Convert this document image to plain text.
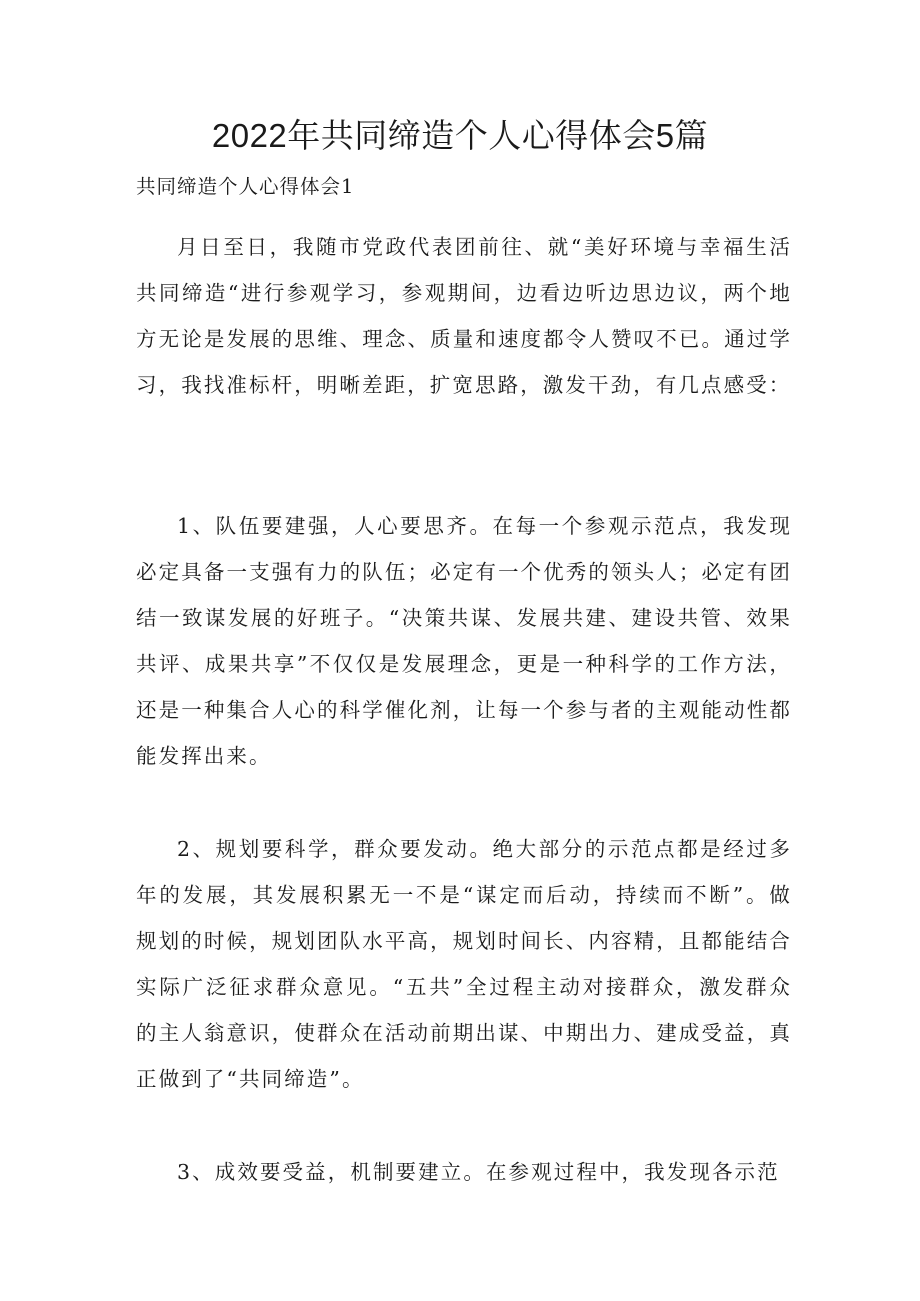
2022年共同缔造个人心得体会5篇
共同缔造个人心得体会1

月日至日，我随市党政代表团前往、就“美好环境与幸福生活共同缔造“进行参观学习，参观期间，边看边听边思边议，两个地方无论是发展的思维、理念、质量和速度都令人赞叹不已。通过学习，我找准标杆，明晰差距，扩宽思路，激发干劲，有几点感受：

1、队伍要建强，人心要思齐。在每一个参观示范点，我发现必定具备一支强有力的队伍；必定有一个优秀的领头人；必定有团结一致谋发展的好班子。“决策共谋、发展共建、建设共管、效果共评、成果共享”不仅仅是发展理念，更是一种科学的工作方法，还是一种集合人心的科学催化剂，让每一个参与者的主观能动性都能发挥出来。

2、规划要科学，群众要发动。绝大部分的示范点都是经过多年的发展，其发展积累无一不是“谋定而后动，持续而不断”。做规划的时候，规划团队水平高，规划时间长、内容精，且都能结合实际广泛征求群众意见。“五共”全过程主动对接群众，激发群众的主人翁意识，使群众在活动前期出谋、中期出力、建成受益，真正做到了“共同缔造”。

3、成效要受益，机制要建立。在参观过程中，我发现各示范
